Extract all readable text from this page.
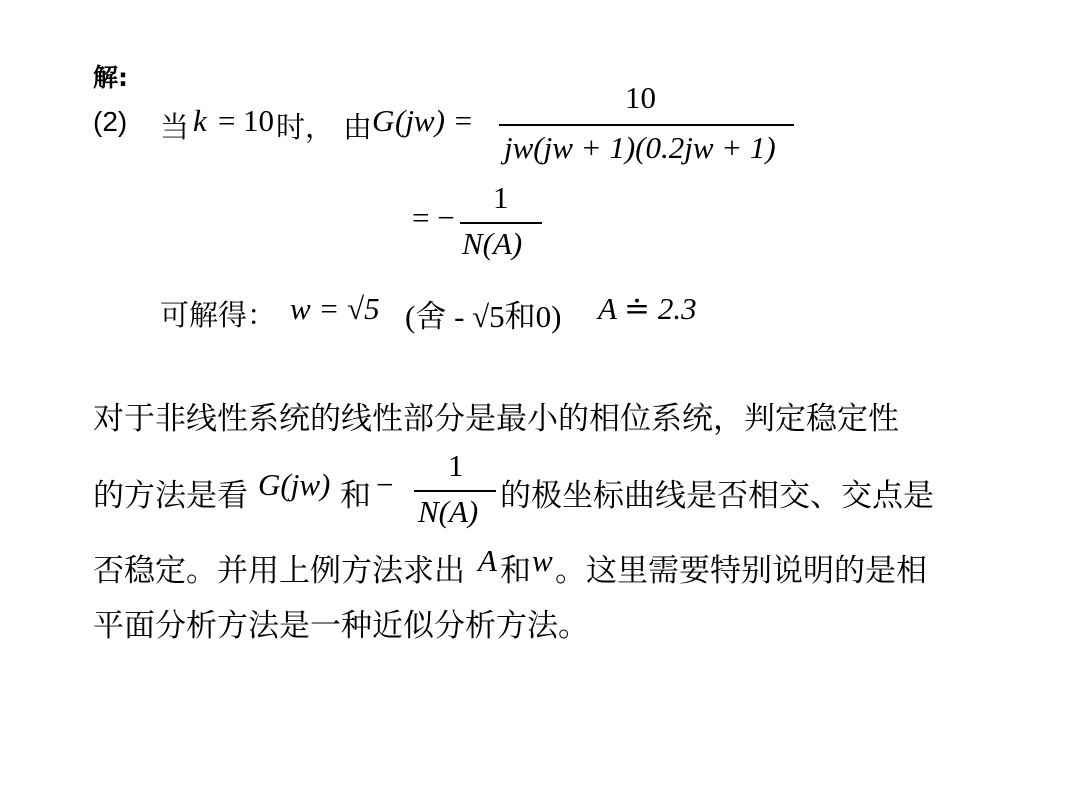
解:
(2) 当 k = 10 时， 由 G (jw) =
10
jw(jw + 1)(0.2jw + 1)
= −
1
N(A)
可解得： w = √5 (舍 - √5和0) A ≐ 2.3
对于非线性系统的线性部分是最小的相位系统，判定稳定性
的方法是看 G(jw) 和 −
1
N(A) 的极坐标曲线是否相交、交点是
否稳定。并用上例方法求出 A 和 w 。这里需要特别说明的是相
平面分析方法是一种近似分析方法。
